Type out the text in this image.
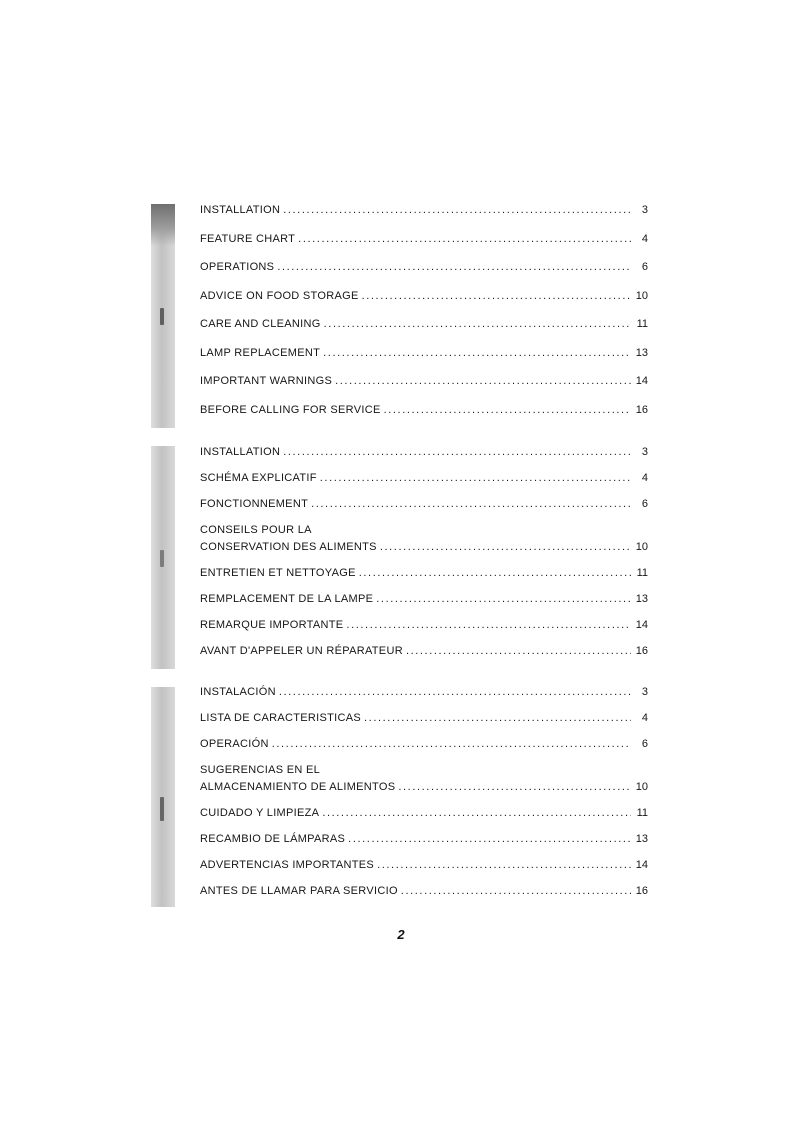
INSTALLATION .....	3
FEATURE CHART .....	4
OPERATIONS .....	6
ADVICE ON FOOD STORAGE .....	10
CARE AND CLEANING .....	11
LAMP REPLACEMENT .....	13
IMPORTANT WARNINGS .....	14
BEFORE CALLING FOR SERVICE .....	16
INSTALLATION .....	3
SCHÉMA EXPLICATIF .....	4
FONCTIONNEMENT .....	6
CONSEILS POUR LA
CONSERVATION DES ALIMENTS .....	10
ENTRETIEN ET NETTOYAGE .....	11
REMPLACEMENT DE LA LAMPE .....	13
REMARQUE IMPORTANTE .....	14
AVANT D'APPELER UN RÉPARATEUR .....	16
INSTALACIÓN .....	3
LISTA DE CARACTERISTICAS .....	4
OPERACIÓN .....	6
SUGERENCIAS EN EL
ALMACENAMIENTO DE ALIMENTOS .....	10
CUIDADO Y LIMPIEZA .....	11
RECAMBIO DE LÁMPARAS .....	13
ADVERTENCIAS IMPORTANTES .....	14
ANTES DE LLAMAR PARA SERVICIO .....	16
2
